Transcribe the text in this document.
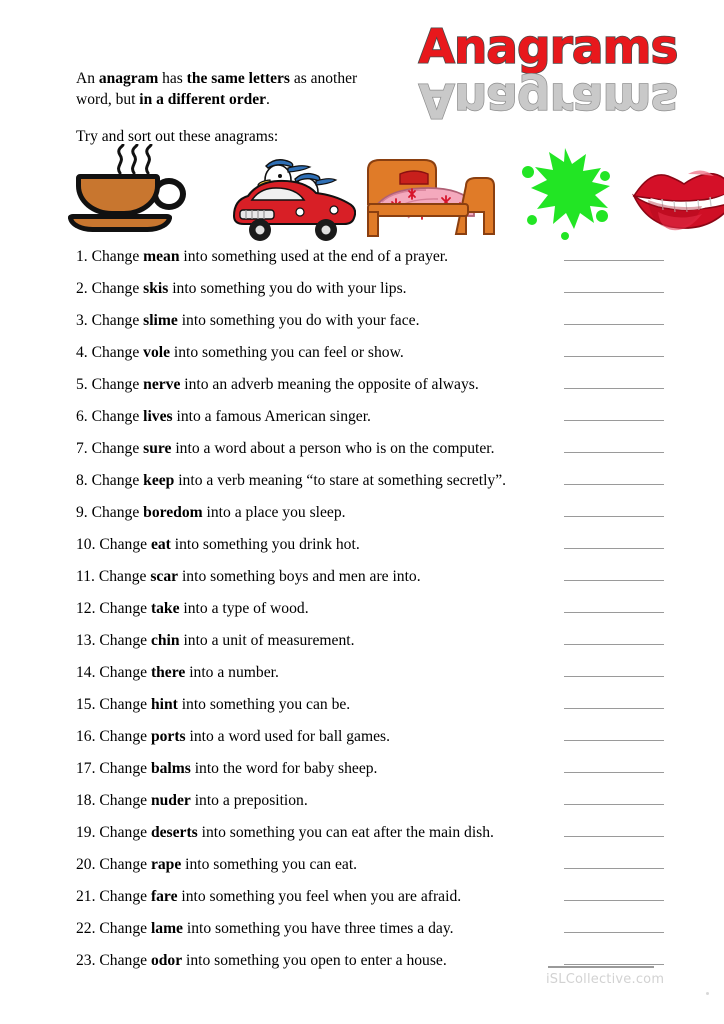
Anagrams
Anagrams

An anagram has the same letters as another word, but in a different order.

Try and sort out these anagrams:

1. Change mean into something used at the end of a prayer.
2. Change skis into something you do with your lips.
3. Change slime into something you do with your face.
4. Change vole into something you can feel or show.
5. Change nerve into an adverb meaning the opposite of always.
6. Change lives into a famous American singer.
7. Change sure into a word about a person who is on the computer.
8. Change keep into a verb meaning “to stare at something secretly”.
9. Change boredom into a place you sleep.
10. Change eat into something you drink hot.
11. Change scar into something boys and men are into.
12. Change take into a type of wood.
13. Change chin into a unit of measurement.
14. Change there into a number.
15. Change hint into something you can be.
16. Change ports into a word used for ball games.
17. Change balms into the word for baby sheep.
18. Change nuder into a preposition.
19. Change deserts into something you can eat after the main dish.
20. Change rape into something you can eat.
21. Change fare into something you feel when you are afraid.
22. Change lame into something you have three times a day.
23. Change odor into something you open to enter a house.
iSLCollective.com
